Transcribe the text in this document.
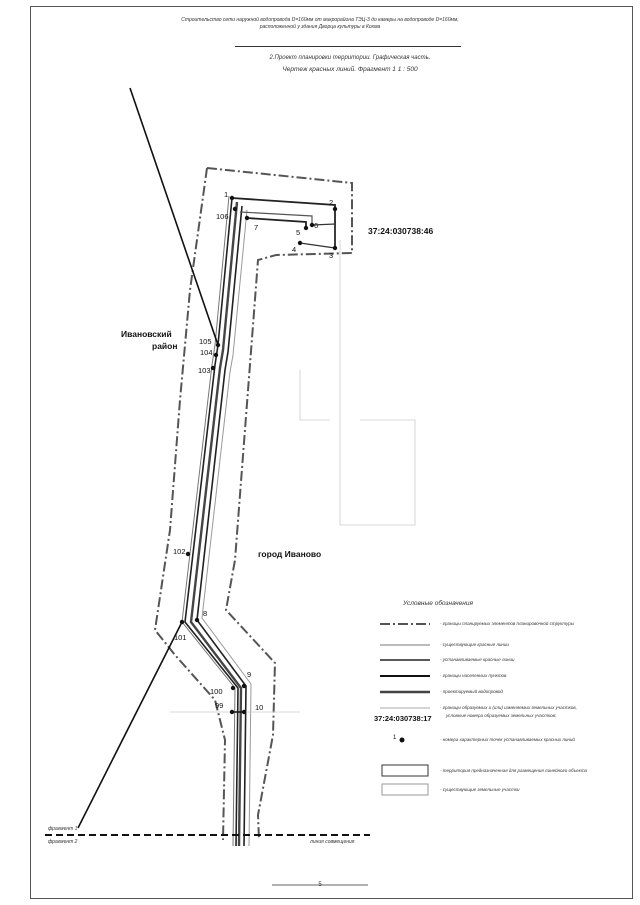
Строительство сети наружной водопровода D=160мм от микрорайона ТЭЦ-3 до камеры на водопроводе D=160мм,
расположенной у здания Дворца культуры в Кохма
2.Проект планировки территории. Графическая часть.
Чертеж красных линий. Фрагмент 1 1 : 500
1
2
3
4
5
6
7
106
105
104
103
102
101
8
9
100
99	10
37:24:030738:46
Ивановский
район
город Иваново
фрагмент 1
фрагмент 2	линия совмещения
Условные обозначения
- границы планируемых элементов планировочной структуры
- существующие красные линии
- устанавливаемые красные линии
- границы населенных пунктов
- проектируемый водопровод
- границы образуемых и (или) изменяемых земельных участков,
условные номера образуемых земельных участков;
37:24:030738:17
1	- номера характерных точек устанавливаемых красных линий
- территория предназначенная для размещения линейного объекта
- существующие земельные участки
5
